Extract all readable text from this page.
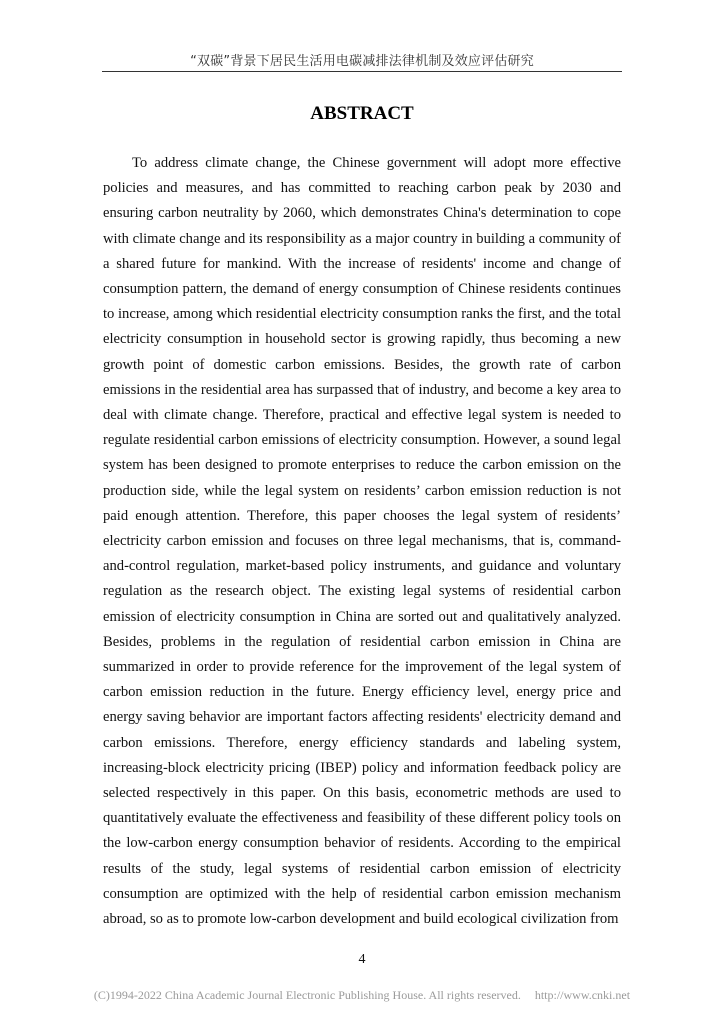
“双碳”背景下居民生活用电碳减排法律机制及效应评估研究
ABSTRACT

To address climate change, the Chinese government will adopt more effective policies and measures, and has committed to reaching carbon peak by 2030 and ensuring carbon neutrality by 2060, which demonstrates China's determination to cope with climate change and its responsibility as a major country in building a community of a shared future for mankind. With the increase of residents' income and change of consumption pattern, the demand of energy consumption of Chinese residents continues to increase, among which residential electricity consumption ranks the first, and the total electricity consumption in household sector is growing rapidly, thus becoming a new growth point of domestic carbon emissions. Besides, the growth rate of carbon emissions in the residential area has surpassed that of industry, and become a key area to deal with climate change. Therefore, practical and effective legal system is needed to regulate residential carbon emissions of electricity consumption. However, a sound legal system has been designed to promote enterprises to reduce the carbon emission on the production side, while the legal system on residents’ carbon emission reduction is not paid enough attention. Therefore, this paper chooses the legal system of residents’ electricity carbon emission and focuses on three legal mechanisms, that is, command-and-control regulation, market-based policy instruments, and guidance and voluntary regulation as the research object. The existing legal systems of residential carbon emission of electricity consumption in China are sorted out and qualitatively analyzed. Besides, problems in the regulation of residential carbon emission in China are summarized in order to provide reference for the improvement of the legal system of carbon emission reduction in the future. Energy efficiency level, energy price and energy saving behavior are important factors affecting residents' electricity demand and carbon emissions. Therefore, energy efficiency standards and labeling system, increasing-block electricity pricing (IBEP) policy and information feedback policy are selected respectively in this paper. On this basis, econometric methods are used to quantitatively evaluate the effectiveness and feasibility of these different policy tools on the low-carbon energy consumption behavior of residents. According to the empirical results of the study, legal systems of residential carbon emission of electricity consumption are optimized with the help of residential carbon emission mechanism abroad, so as to promote low-carbon development and build ecological civilization from

4
(C)1994-2022 China Academic Journal Electronic Publishing House. All rights reserved. http://www.cnki.net
